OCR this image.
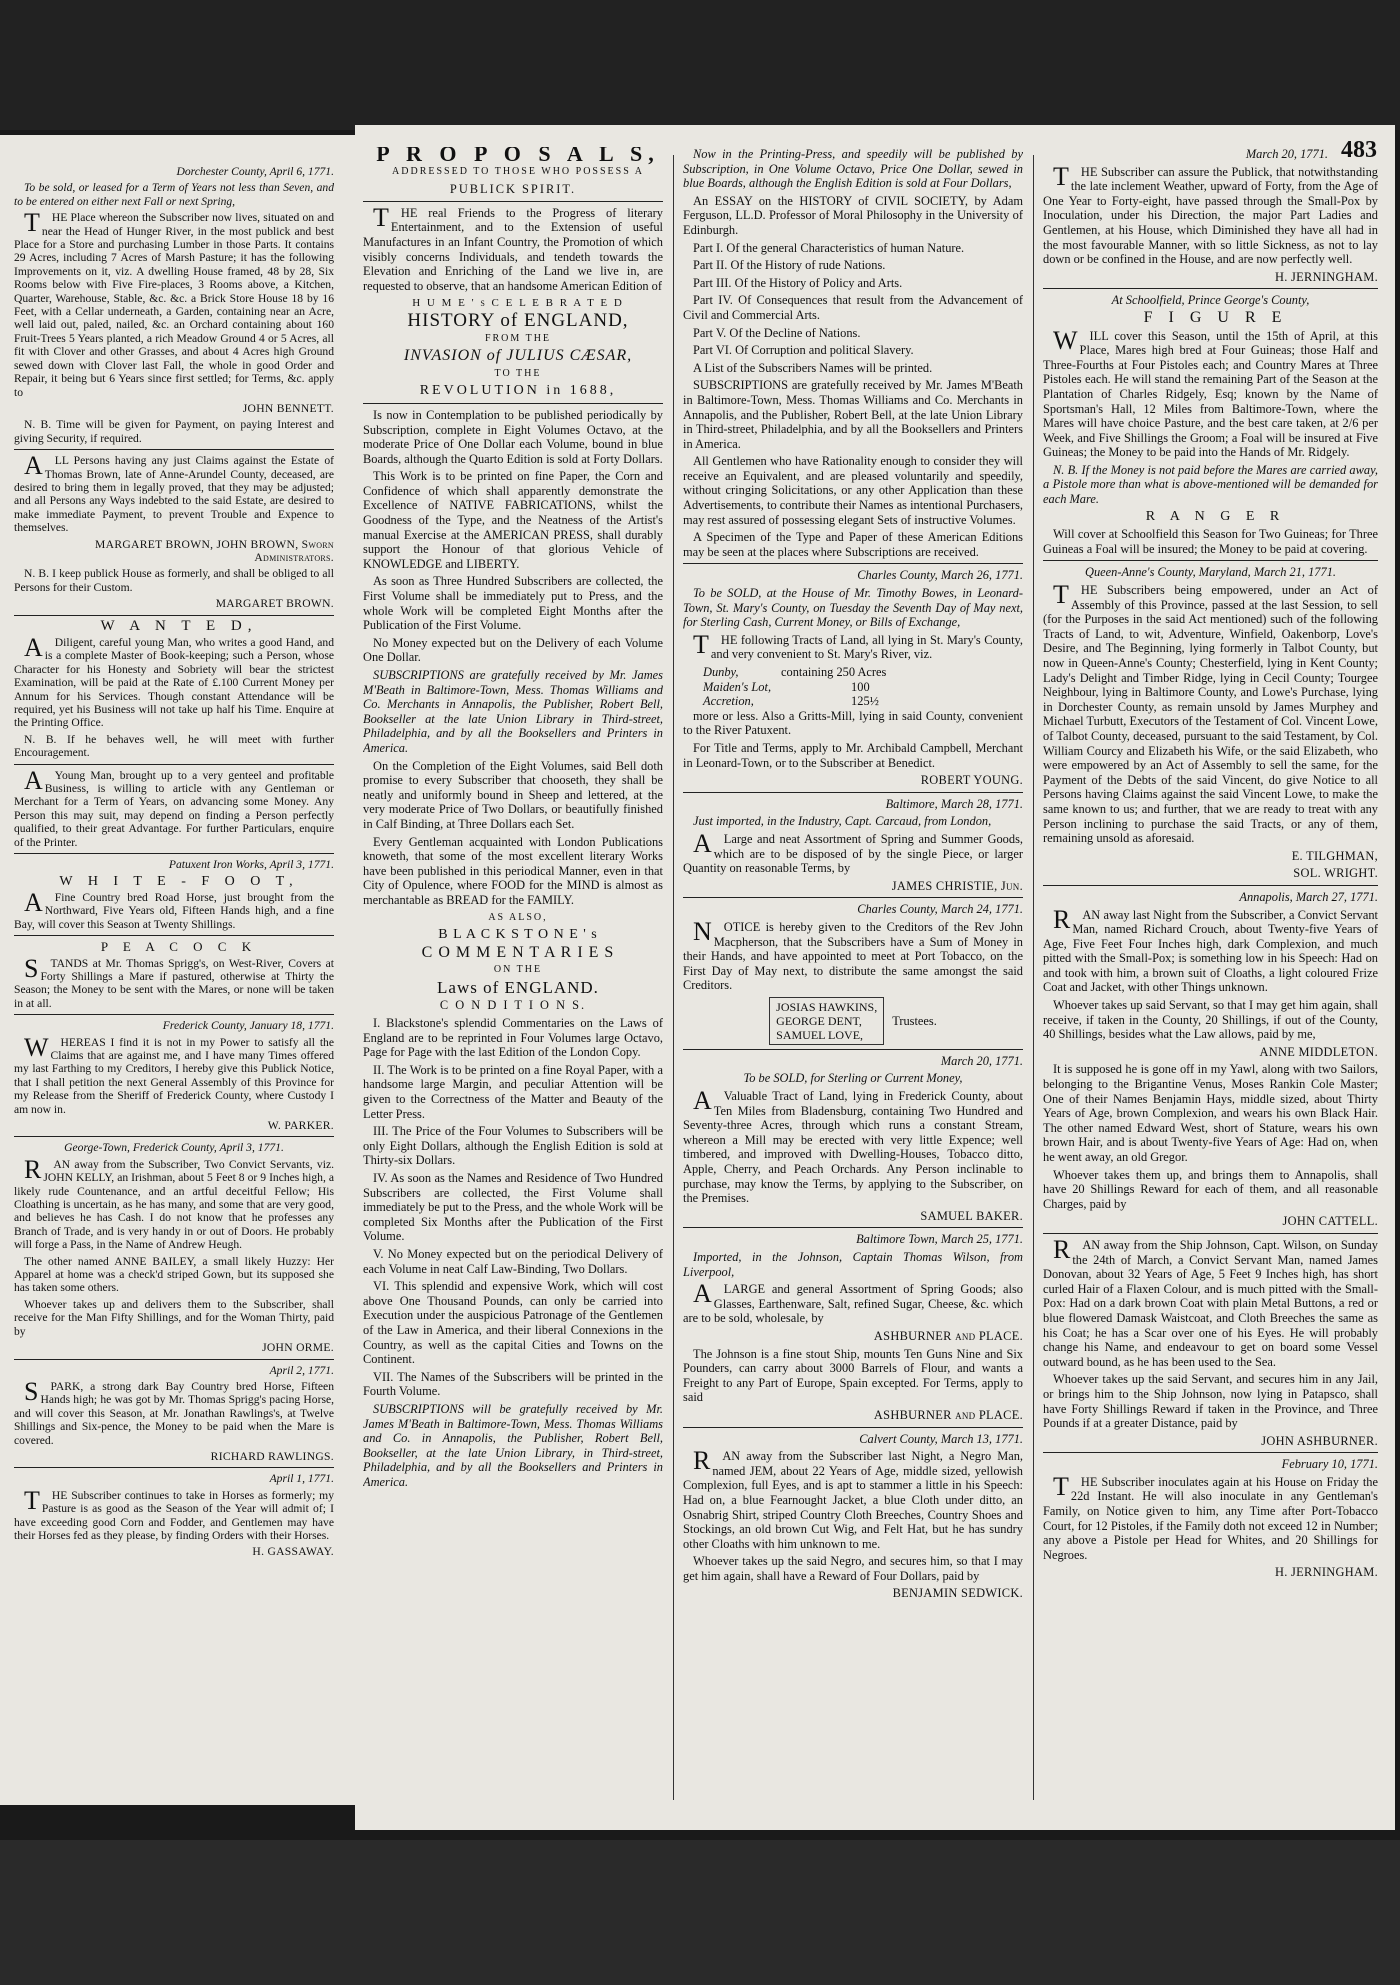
Dorchester County, April 6, 1771.

To be sold, or leased for a Term of Years not less than Seven, and to be entered on either next Fall or next Spring,

THE Place whereon the Subscriber now lives, situated on and near the Head of Hunger River, in the most publick and best Place for a Store and purchasing Lumber in those Parts. It contains 29 Acres, including 7 Acres of Marsh Pasture; it has the following Improvements on it, viz. A dwelling House framed, 48 by 28, Six Rooms below with Five Fire-places, 3 Rooms above, a Kitchen, Quarter, Warehouse, Stable, &c. &c. a Brick Store House 18 by 16 Feet, with a Cellar underneath, a Garden, containing near an Acre, well laid out, paled, nailed, &c. an Orchard containing about 160 Fruit-Trees 5 Years planted, a rich Meadow Ground 4 or 5 Acres, all fit with Clover and other Grasses, and about 4 Acres high Ground sewed down with Clover last Fall, the whole in good Order and Repair, it being but 6 Years since first settled; for Terms, &c. apply to

JOHN BENNETT.

N. B. Time will be given for Payment, on paying Interest and giving Security, if required.

ALL Persons having any just Claims against the Estate of Thomas Brown, late of Anne-Arundel County, deceased, are desired to bring them in legally proved, that they may be adjusted; and all Persons any Ways indebted to the said Estate, are desired to make immediate Payment, to prevent Trouble and Expence to themselves.

MARGARET BROWN, JOHN BROWN, Sworn Administrators.

N. B. I keep publick House as formerly, and shall be obliged to all Persons for their Custom.

MARGARET BROWN.

W A N T E D,

ADiligent, careful young Man, who writes a good Hand, and is a complete Master of Book-keeping; such a Person, whose Character for his Honesty and Sobriety will bear the strictest Examination, will be paid at the Rate of £.100 Current Money per Annum for his Services. Though constant Attendance will be required, yet his Business will not take up half his Time. Enquire at the Printing Office.

N. B. If he behaves well, he will meet with further Encouragement.

AYoung Man, brought up to a very genteel and profitable Business, is willing to article with any Gentleman or Merchant for a Term of Years, on advancing some Money. Any Person this may suit, may depend on finding a Person perfectly qualified, to their great Advantage. For further Particulars, enquire of the Printer.

Patuxent Iron Works, April 3, 1771.

W H I T E - F O O T,

AFine Country bred Road Horse, just brought from the Northward, Five Years old, Fifteen Hands high, and a fine Bay, will cover this Season at Twenty Shillings.

P E A C O C K

STANDS at Mr. Thomas Sprigg's, on West-River, Covers at Forty Shillings a Mare if pastured, otherwise at Thirty the Season; the Money to be sent with the Mares, or none will be taken in at all.

Frederick County, January 18, 1771.

WHEREAS I find it is not in my Power to satisfy all the Claims that are against me, and I have many Times offered my last Farthing to my Creditors, I hereby give this Publick Notice, that I shall petition the next General Assembly of this Province for my Release from the Sheriff of Frederick County, where Custody I am now in.

W. PARKER.

George-Town, Frederick County, April 3, 1771.

RAN away from the Subscriber, Two Convict Servants, viz. JOHN KELLY, an Irishman, about 5 Feet 8 or 9 Inches high, a likely rude Countenance, and an artful deceitful Fellow; His Cloathing is uncertain, as he has many, and some that are very good, and believes he has Cash. I do not know that he professes any Branch of Trade, and is very handy in or out of Doors. He probably will forge a Pass, in the Name of Andrew Heugh.

The other named ANNE BAILEY, a small likely Huzzy: Her Apparel at home was a check'd striped Gown, but its supposed she has taken some others.

Whoever takes up and delivers them to the Subscriber, shall receive for the Man Fifty Shillings, and for the Woman Thirty, paid by

JOHN ORME.

April 2, 1771.

SPARK, a strong dark Bay Country bred Horse, Fifteen Hands high; he was got by Mr. Thomas Sprigg's pacing Horse, and will cover this Season, at Mr. Jonathan Rawlings's, at Twelve Shillings and Six-pence, the Money to be paid when the Mare is covered.

RICHARD RAWLINGS.

April 1, 1771.

THE Subscriber continues to take in Horses as formerly; my Pasture is as good as the Season of the Year will admit of; I have exceeding good Corn and Fodder, and Gentlemen may have their Horses fed as they please, by finding Orders with their Horses.

H. GASSAWAY.

483

P R O P O S A L S,

ADDRESSED TO THOSE WHO POSSESS A

PUBLICK SPIRIT.

THE real Friends to the Progress of literary Entertainment, and to the Extension of useful Manufactures in an Infant Country, the Promotion of which visibly concerns Individuals, and tendeth towards the Elevation and Enriching of the Land we live in, are requested to observe, that an handsome American Edition of

H U M E ' s C E L E B R A T E D

HISTORY of ENGLAND,

FROM THE

INVASION of JULIUS CÆSAR,

TO THE

REVOLUTION in 1688,

Is now in Contemplation to be published periodically by Subscription, complete in Eight Volumes Octavo, at the moderate Price of One Dollar each Volume, bound in blue Boards, although the Quarto Edition is sold at Forty Dollars.

This Work is to be printed on fine Paper, the Corn and Confidence of which shall apparently demonstrate the Excellence of NATIVE FABRICATIONS, whilst the Goodness of the Type, and the Neatness of the Artist's manual Exercise at the AMERICAN PRESS, shall durably support the Honour of that glorious Vehicle of KNOWLEDGE and LIBERTY.

As soon as Three Hundred Subscribers are collected, the First Volume shall be immediately put to Press, and the whole Work will be completed Eight Months after the Publication of the First Volume.

No Money expected but on the Delivery of each Volume One Dollar.

SUBSCRIPTIONS are gratefully received by Mr. James M'Beath in Baltimore-Town, Mess. Thomas Williams and Co. Merchants in Annapolis, the Publisher, Robert Bell, Bookseller at the late Union Library in Third-street, Philadelphia, and by all the Booksellers and Printers in America.

On the Completion of the Eight Volumes, said Bell doth promise to every Subscriber that chooseth, they shall be neatly and uniformly bound in Sheep and lettered, at the very moderate Price of Two Dollars, or beautifully finished in Calf Binding, at Three Dollars each Set.

Every Gentleman acquainted with London Publications knoweth, that some of the most excellent literary Works have been published in this periodical Manner, even in that City of Opulence, where FOOD for the MIND is almost as merchantable as BREAD for the FAMILY.

AS ALSO,

B L A C K S T O N E ' s

C O M M E N T A R I E S

ON THE

Laws of ENGLAND.

C O N D I T I O N S.

I. Blackstone's splendid Commentaries on the Laws of England are to be reprinted in Four Volumes large Octavo, Page for Page with the last Edition of the London Copy.

II. The Work is to be printed on a fine Royal Paper, with a handsome large Margin, and peculiar Attention will be given to the Correctness of the Matter and Beauty of the Letter Press.

III. The Price of the Four Volumes to Subscribers will be only Eight Dollars, although the English Edition is sold at Thirty-six Dollars.

IV. As soon as the Names and Residence of Two Hundred Subscribers are collected, the First Volume shall immediately be put to the Press, and the whole Work will be completed Six Months after the Publication of the First Volume.

V. No Money expected but on the periodical Delivery of each Volume in neat Calf Law-Binding, Two Dollars.

VI. This splendid and expensive Work, which will cost above One Thousand Pounds, can only be carried into Execution under the auspicious Patronage of the Gentlemen of the Law in America, and their liberal Connexions in the Country, as well as the capital Cities and Towns on the Continent.

VII. The Names of the Subscribers will be printed in the Fourth Volume.

SUBSCRIPTIONS will be gratefully received by Mr. James M'Beath in Baltimore-Town, Mess. Thomas Williams and Co. in Annapolis, the Publisher, Robert Bell, Bookseller, at the late Union Library, in Third-street, Philadelphia, and by all the Booksellers and Printers in America.

Now in the Printing-Press, and speedily will be published by Subscription, in One Volume Octavo, Price One Dollar, sewed in blue Boards, although the English Edition is sold at Four Dollars,

An ESSAY on the HISTORY of CIVIL SOCIETY, by Adam Ferguson, LL.D. Professor of Moral Philosophy in the University of Edinburgh.

Part I. Of the general Characteristics of human Nature.

Part II. Of the History of rude Nations.

Part III. Of the History of Policy and Arts.

Part IV. Of Consequences that result from the Advancement of Civil and Commercial Arts.

Part V. Of the Decline of Nations.

Part VI. Of Corruption and political Slavery.

A List of the Subscribers Names will be printed.

SUBSCRIPTIONS are gratefully received by Mr. James M'Beath in Baltimore-Town, Mess. Thomas Williams and Co. Merchants in Annapolis, and the Publisher, Robert Bell, at the late Union Library in Third-street, Philadelphia, and by all the Booksellers and Printers in America.

All Gentlemen who have Rationality enough to consider they will receive an Equivalent, and are pleased voluntarily and speedily, without cringing Solicitations, or any other Application than these Advertisements, to contribute their Names as intentional Purchasers, may rest assured of possessing elegant Sets of instructive Volumes.

A Specimen of the Type and Paper of these American Editions may be seen at the places where Subscriptions are received.

Charles County, March 26, 1771.

To be SOLD, at the House of Mr. Timothy Bowes, in Leonard-Town, St. Mary's County, on Tuesday the Seventh Day of May next, for Sterling Cash, Current Money, or Bills of Exchange,

THE following Tracts of Land, all lying in St. Mary's County, and very convenient to St. Mary's River, viz.

Dunby,
Maiden's Lot,
Accretion,
containing 250 Acres
100
125½

more or less. Also a Gritts-Mill, lying in said County, convenient to the River Patuxent.

For Title and Terms, apply to Mr. Archibald Campbell, Merchant in Leonard-Town, or to the Subscriber at Benedict.

ROBERT YOUNG.

Baltimore, March 28, 1771.

Just imported, in the Industry, Capt. Carcaud, from London,

ALarge and neat Assortment of Spring and Summer Goods, which are to be disposed of by the single Piece, or larger Quantity on reasonable Terms, by

JAMES CHRISTIE, Jun.

Charles County, March 24, 1771.

NOTICE is hereby given to the Creditors of the Rev John Macpherson, that the Subscribers have a Sum of Money in their Hands, and have appointed to meet at Port Tobacco, on the First Day of May next, to distribute the same amongst the said Creditors.

JOSIAS HAWKINS,
GEORGE DENT,
SAMUEL LOVE,
Trustees.

March 20, 1771.

To be SOLD, for Sterling or Current Money,

AValuable Tract of Land, lying in Frederick County, about Ten Miles from Bladensburg, containing Two Hundred and Seventy-three Acres, through which runs a constant Stream, whereon a Mill may be erected with very little Expence; well timbered, and improved with Dwelling-Houses, Tobacco ditto, Apple, Cherry, and Peach Orchards. Any Person inclinable to purchase, may know the Terms, by applying to the Subscriber, on the Premises.

SAMUEL BAKER.

Baltimore Town, March 25, 1771.

Imported, in the Johnson, Captain Thomas Wilson, from Liverpool,

ALARGE and general Assortment of Spring Goods; also Glasses, Earthenware, Salt, refined Sugar, Cheese, &c. which are to be sold, wholesale, by

ASHBURNER and PLACE.

The Johnson is a fine stout Ship, mounts Ten Guns Nine and Six Pounders, can carry about 3000 Barrels of Flour, and wants a Freight to any Part of Europe, Spain excepted. For Terms, apply to said

ASHBURNER and PLACE.

Calvert County, March 13, 1771.

RAN away from the Subscriber last Night, a Negro Man, named JEM, about 22 Years of Age, middle sized, yellowish Complexion, full Eyes, and is apt to stammer a little in his Speech: Had on, a blue Fearnought Jacket, a blue Cloth under ditto, an Osnabrig Shirt, striped Country Cloth Breeches, Country Shoes and Stockings, an old brown Cut Wig, and Felt Hat, but he has sundry other Cloaths with him unknown to me.

Whoever takes up the said Negro, and secures him, so that I may get him again, shall have a Reward of Four Dollars, paid by

BENJAMIN SEDWICK.

March 20, 1771.

THE Subscriber can assure the Publick, that notwithstanding the late inclement Weather, upward of Forty, from the Age of One Year to Forty-eight, have passed through the Small-Pox by Inoculation, under his Direction, the major Part Ladies and Gentlemen, at his House, which Diminished they have all had in the most favourable Manner, with so little Sickness, as not to lay down or be confined in the House, and are now perfectly well.

H. JERNINGHAM.

At Schoolfield, Prince George's County,

F I G U R E

WILL cover this Season, until the 15th of April, at this Place, Mares high bred at Four Guineas; those Half and Three-Fourths at Four Pistoles each; and Country Mares at Three Pistoles each. He will stand the remaining Part of the Season at the Plantation of Charles Ridgely, Esq; known by the Name of Sportsman's Hall, 12 Miles from Baltimore-Town, where the Mares will have choice Pasture, and the best care taken, at 2/6 per Week, and Five Shillings the Groom; a Foal will be insured at Five Guineas; the Money to be paid into the Hands of Mr. Ridgely.

N. B. If the Money is not paid before the Mares are carried away, a Pistole more than what is above-mentioned will be demanded for each Mare.

R A N G E R

Will cover at Schoolfield this Season for Two Guineas; for Three Guineas a Foal will be insured; the Money to be paid at covering.

Queen-Anne's County, Maryland, March 21, 1771.

THE Subscribers being empowered, under an Act of Assembly of this Province, passed at the last Session, to sell (for the Purposes in the said Act mentioned) such of the following Tracts of Land, to wit, Adventure, Winfield, Oakenborp, Love's Desire, and The Beginning, lying formerly in Talbot County, but now in Queen-Anne's County; Chesterfield, lying in Kent County; Lady's Delight and Timber Ridge, lying in Cecil County; Tourgee Neighbour, lying in Baltimore County, and Lowe's Purchase, lying in Dorchester County, as remain unsold by James Murphey and Michael Turbutt, Executors of the Testament of Col. Vincent Lowe, of Talbot County, deceased, pursuant to the said Testament, by Col. William Courcy and Elizabeth his Wife, or the said Elizabeth, who were empowered by an Act of Assembly to sell the same, for the Payment of the Debts of the said Vincent, do give Notice to all Persons having Claims against the said Vincent Lowe, to make the same known to us; and further, that we are ready to treat with any Person inclining to purchase the said Tracts, or any of them, remaining unsold as aforesaid.

E. TILGHMAN,

SOL. WRIGHT.

Annapolis, March 27, 1771.

RAN away last Night from the Subscriber, a Convict Servant Man, named Richard Crouch, about Twenty-five Years of Age, Five Feet Four Inches high, dark Complexion, and much pitted with the Small-Pox; is something low in his Speech: Had on and took with him, a brown suit of Cloaths, a light coloured Frize Coat and Jacket, with other Things unknown.

Whoever takes up said Servant, so that I may get him again, shall receive, if taken in the County, 20 Shillings, if out of the County, 40 Shillings, besides what the Law allows, paid by me,

ANNE MIDDLETON.

It is supposed he is gone off in my Yawl, along with two Sailors, belonging to the Brigantine Venus, Moses Rankin Cole Master; One of their Names Benjamin Hays, middle sized, about Thirty Years of Age, brown Complexion, and wears his own Black Hair. The other named Edward West, short of Stature, wears his own brown Hair, and is about Twenty-five Years of Age: Had on, when he went away, an old Gregor.

Whoever takes them up, and brings them to Annapolis, shall have 20 Shillings Reward for each of them, and all reasonable Charges, paid by

JOHN CATTELL.

RAN away from the Ship Johnson, Capt. Wilson, on Sunday the 24th of March, a Convict Servant Man, named James Donovan, about 32 Years of Age, 5 Feet 9 Inches high, has short curled Hair of a Flaxen Colour, and is much pitted with the Small-Pox: Had on a dark brown Coat with plain Metal Buttons, a red or blue flowered Damask Waistcoat, and Cloth Breeches the same as his Coat; he has a Scar over one of his Eyes. He will probably change his Name, and endeavour to get on board some Vessel outward bound, as he has been used to the Sea.

Whoever takes up the said Servant, and secures him in any Jail, or brings him to the Ship Johnson, now lying in Patapsco, shall have Forty Shillings Reward if taken in the Province, and Three Pounds if at a greater Distance, paid by

JOHN ASHBURNER.

February 10, 1771.

THE Subscriber inoculates again at his House on Friday the 22d Instant. He will also inoculate in any Gentleman's Family, on Notice given to him, any Time after Port-Tobacco Court, for 12 Pistoles, if the Family doth not exceed 12 in Number; any above a Pistole per Head for Whites, and 20 Shillings for Negroes.

H. JERNINGHAM.
